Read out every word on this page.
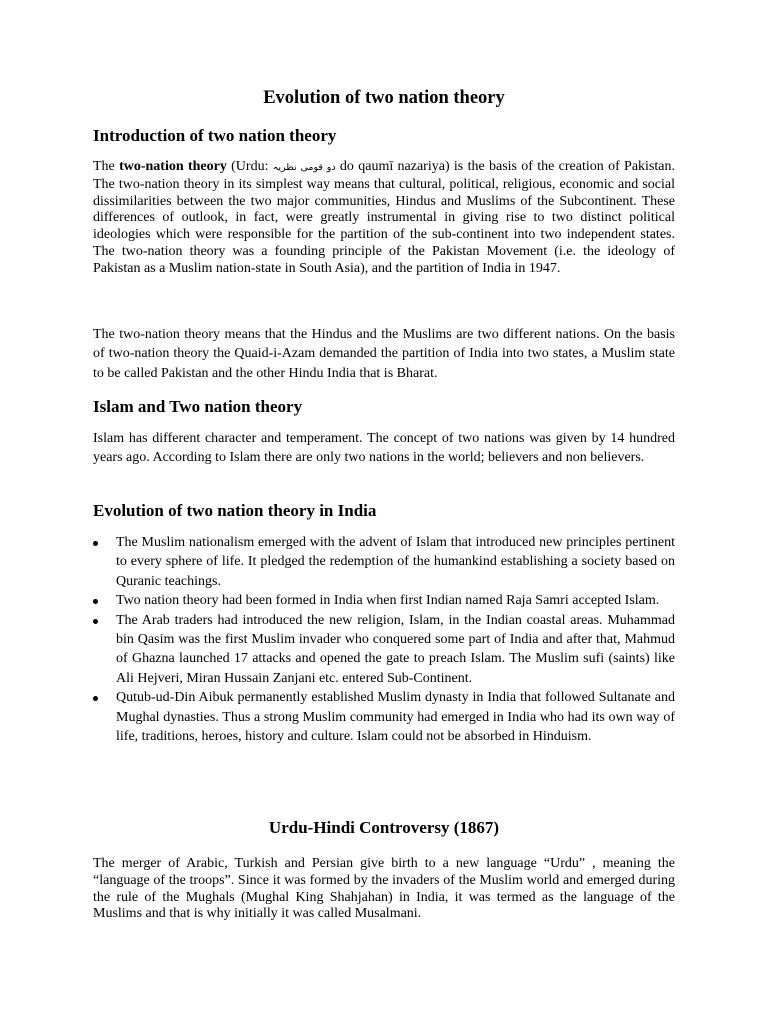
Evolution of two nation theory
Introduction of two nation theory

The two-nation theory (Urdu: دو قومی نظریہ do qaumī nazariya) is the basis of the creation of Pakistan. The two-nation theory in its simplest way means that cultural, political, religious, economic and social dissimilarities between the two major communities, Hindus and Muslims of the Subcontinent. These differences of outlook, in fact, were greatly instrumental in giving rise to two distinct political ideologies which were responsible for the partition of the sub-continent into two independent states. The two-nation theory was a founding principle of the Pakistan Movement (i.e. the ideology of Pakistan as a Muslim nation-state in South Asia), and the partition of India in 1947.

The two-nation theory means that the Hindus and the Muslims are two different nations. On the basis of two-nation theory the Quaid-i-Azam demanded the partition of India into two states, a Muslim state to be called Pakistan and the other Hindu India that is Bharat.

Islam and Two nation theory

Islam has different character and temperament. The concept of two nations was given by 14 hundred years ago. According to Islam there are only two nations in the world; believers and non believers.

Evolution of two nation theory in India
The Muslim nationalism emerged with the advent of Islam that introduced new principles pertinent to every sphere of life. It pledged the redemption of the humankind establishing a society based on Quranic teachings.
Two nation theory had been formed in India when first Indian named Raja Samri accepted Islam.
The Arab traders had introduced the new religion, Islam, in the Indian coastal areas. Muhammad bin Qasim was the first Muslim invader who conquered some part of India and after that, Mahmud of Ghazna launched 17 attacks and opened the gate to preach Islam. The Muslim sufi (saints) like Ali Hejveri, Miran Hussain Zanjani etc. entered Sub-Continent.
Qutub-ud-Din Aibuk permanently established Muslim dynasty in India that followed Sultanate and Mughal dynasties. Thus a strong Muslim community had emerged in India who had its own way of life, traditions, heroes, history and culture. Islam could not be absorbed in Hinduism.
Urdu-Hindi Controversy (1867)

The merger of Arabic, Turkish and Persian give birth to a new language “Urdu” , meaning the “language of the troops”. Since it was formed by the invaders of the Muslim world and emerged during the rule of the Mughals (Mughal King Shahjahan) in India, it was termed as the language of the Muslims and that is why initially it was called Musalmani.
